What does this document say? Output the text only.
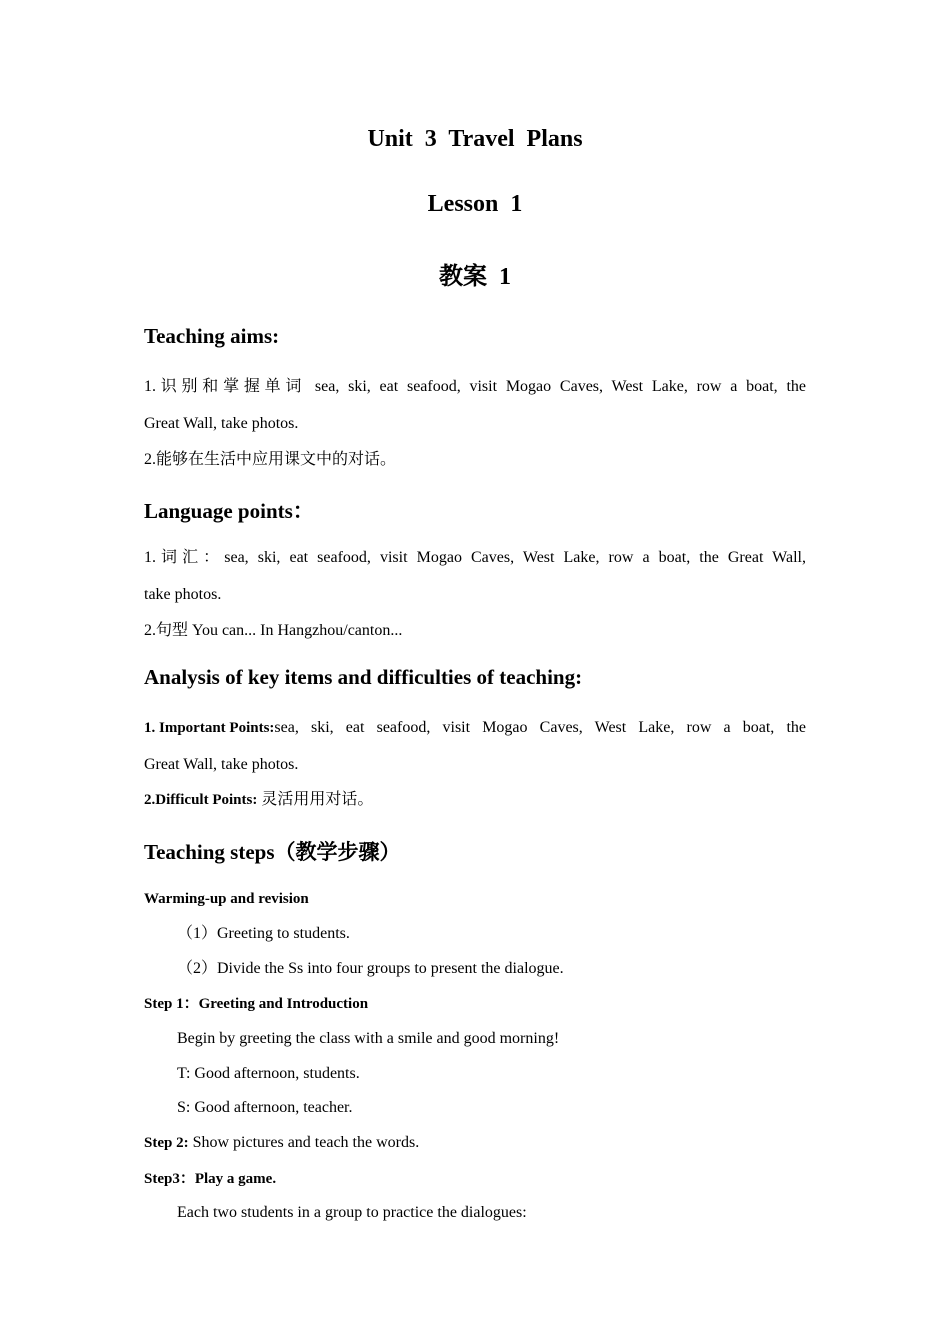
Unit 3 Travel Plans
Lesson 1
教案 1
Teaching aims:
1.识别和掌握单词 sea, ski, eat seafood, visit Mogao Caves, West Lake, row a boat, the
Great Wall, take photos.
2.能够在生活中应用课文中的对话。
Language points：
1.词汇：sea, ski, eat seafood, visit Mogao Caves, West Lake, row a boat, the Great Wall,
take photos.
2.句型 You can... In Hangzhou/canton...
Analysis of key items and difficulties of teaching:
1. Important Points: sea, ski, eat seafood, visit Mogao Caves, West Lake, row a boat, the
Great Wall, take photos.
2.Difficult Points: 灵活用用对话。
Teaching steps（教学步骤）
Warming-up and revision
（1）Greeting to students.
（2）Divide the Ss into four groups to present the dialogue.
Step 1：Greeting and Introduction
Begin by greeting the class with a smile and good morning!
T: Good afternoon, students.
S: Good afternoon, teacher.
Step 2: Show pictures and teach the words.
Step3：Play a game.
Each two students in a group to practice the dialogues:
